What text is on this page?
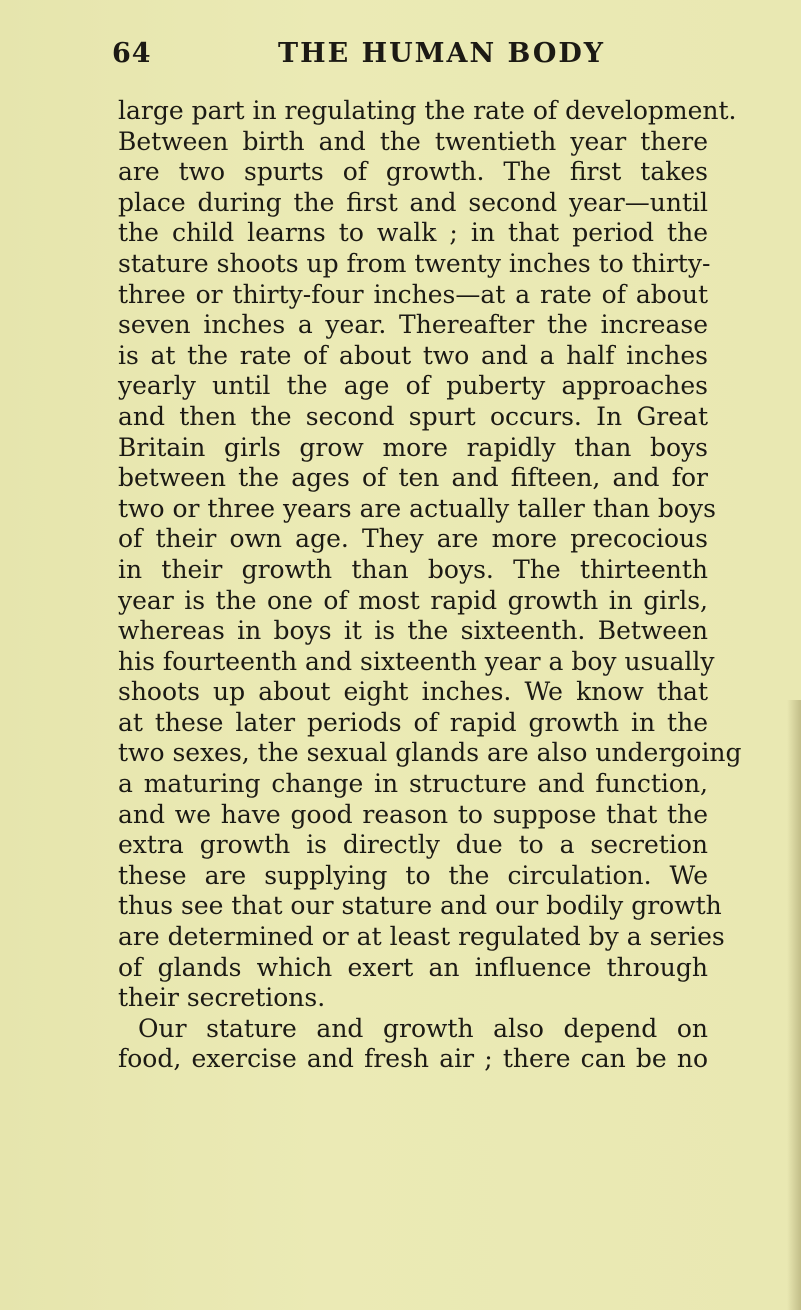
64	THE HUMAN BODY
large part in regulating the rate of development.
Between birth and the twentieth year there
are two spurts of growth. The first takes
place during the first and second year—until
the child learns to walk ; in that period the
stature shoots up from twenty inches to thirty-
three or thirty-four inches—at a rate of about
seven inches a year. Thereafter the increase
is at the rate of about two and a half inches
yearly until the age of puberty approaches
and then the second spurt occurs. In Great
Britain girls grow more rapidly than boys
between the ages of ten and fifteen, and for
two or three years are actually taller than boys
of their own age. They are more precocious
in their growth than boys. The thirteenth
year is the one of most rapid growth in girls,
whereas in boys it is the sixteenth. Between
his fourteenth and sixteenth year a boy usually
shoots up about eight inches. We know that
at these later periods of rapid growth in the
two sexes, the sexual glands are also undergoing
a maturing change in structure and function,
and we have good reason to suppose that the
extra growth is directly due to a secretion
these are supplying to the circulation. We
thus see that our stature and our bodily growth
are determined or at least regulated by a series
of glands which exert an influence through
their secretions.
Our stature and growth also depend on
food, exercise and fresh air ; there can be no
